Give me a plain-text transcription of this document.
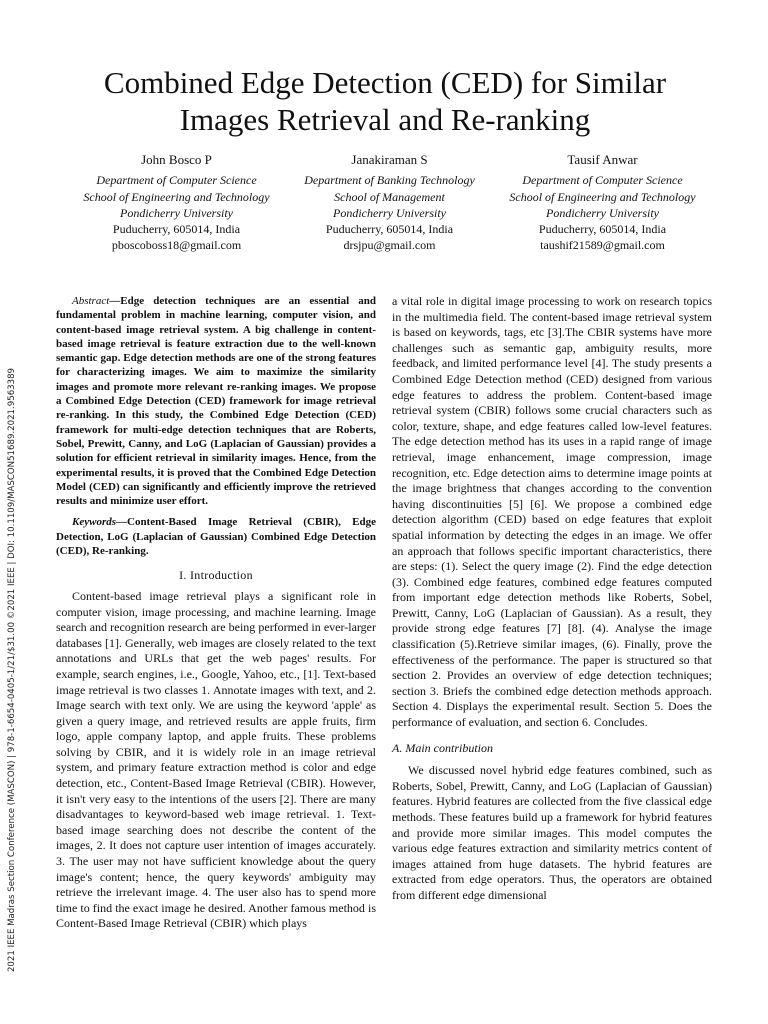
2021 IEEE Madras Section Conference (MASCON) | 978-1-6654-0405-1/21/$31.00 ©2021 IEEE | DOI: 10.1109/MASCON51689.2021.9563389
Combined Edge Detection (CED) for Similar Images Retrieval and Re-ranking
John Bosco P
Department of Computer Science
School of Engineering and Technology
Pondicherry University
Puducherry, 605014, India
pboscoboss18@gmail.com
Janakiraman S
Department of Banking Technology
School of Management
Pondicherry University
Puducherry, 605014, India
drsjpu@gmail.com
Tausif Anwar
Department of Computer Science
School of Engineering and Technology
Pondicherry University
Puducherry, 605014, India
taushif21589@gmail.com

Abstract—Edge detection techniques are an essential and fundamental problem in machine learning, computer vision, and content-based image retrieval system. A big challenge in content-based image retrieval is feature extraction due to the well-known semantic gap. Edge detection methods are one of the strong features for characterizing images. We aim to maximize the similarity images and promote more relevant re-ranking images. We propose a Combined Edge Detection (CED) framework for image retrieval re-ranking. In this study, the Combined Edge Detection (CED) framework for multi-edge detection techniques that are Roberts, Sobel, Prewitt, Canny, and LoG (Laplacian of Gaussian) provides a solution for efficient retrieval in similarity images. Hence, from the experimental results, it is proved that the Combined Edge Detection Model (CED) can significantly and efficiently improve the retrieved results and minimize user effort.

Keywords—Content-Based Image Retrieval (CBIR), Edge Detection, LoG (Laplacian of Gaussian) Combined Edge Detection (CED), Re-ranking.

I. Introduction

Content-based image retrieval plays a significant role in computer vision, image processing, and machine learning. Image search and recognition research are being performed in ever-larger databases [1]. Generally, web images are closely related to the text annotations and URLs that get the web pages' results. For example, search engines, i.e., Google, Yahoo, etc., [1]. Text-based image retrieval is two classes 1. Annotate images with text, and 2. Image search with text only. We are using the keyword 'apple' as given a query image, and retrieved results are apple fruits, firm logo, apple company laptop, and apple fruits. These problems solving by CBIR, and it is widely role in an image retrieval system, and primary feature extraction method is color and edge detection, etc., Content-Based Image Retrieval (CBIR). However, it isn't very easy to the intentions of the users [2]. There are many disadvantages to keyword-based web image retrieval. 1. Text-based image searching does not describe the content of the images, 2. It does not capture user intention of images accurately. 3. The user may not have sufficient knowledge about the query image's content; hence, the query keywords' ambiguity may retrieve the irrelevant image. 4. The user also has to spend more time to find the exact image he desired. Another famous method is Content-Based Image Retrieval (CBIR) which plays

a vital role in digital image processing to work on research topics in the multimedia field. The content-based image retrieval system is based on keywords, tags, etc [3].The CBIR systems have more challenges such as semantic gap, ambiguity results, more feedback, and limited performance level [4]. The study presents a Combined Edge Detection method (CED) designed from various edge features to address the problem. Content-based image retrieval system (CBIR) follows some crucial characters such as color, texture, shape, and edge features called low-level features. The edge detection method has its uses in a rapid range of image retrieval, image enhancement, image compression, image recognition, etc. Edge detection aims to determine image points at the image brightness that changes according to the convention having discontinuities [5] [6]. We propose a combined edge detection algorithm (CED) based on edge features that exploit spatial information by detecting the edges in an image. We offer an approach that follows specific important characteristics, there are steps: (1). Select the query image (2). Find the edge detection (3). Combined edge features, combined edge features computed from important edge detection methods like Roberts, Sobel, Prewitt, Canny, LoG (Laplacian of Gaussian). As a result, they provide strong edge features [7] [8]. (4). Analyse the image classification (5).Retrieve similar images, (6). Finally, prove the effectiveness of the performance. The paper is structured so that section 2. Provides an overview of edge detection techniques; section 3. Briefs the combined edge detection methods approach. Section 4. Displays the experimental result. Section 5. Does the performance of evaluation, and section 6. Concludes.

A. Main contribution

We discussed novel hybrid edge features combined, such as Roberts, Sobel, Prewitt, Canny, and LoG (Laplacian of Gaussian) features. Hybrid features are collected from the five classical edge methods. These features build up a framework for hybrid features and provide more similar images. This model computes the various edge features extraction and similarity metrics content of images attained from huge datasets. The hybrid features are extracted from edge operators. Thus, the operators are obtained from different edge dimensional
